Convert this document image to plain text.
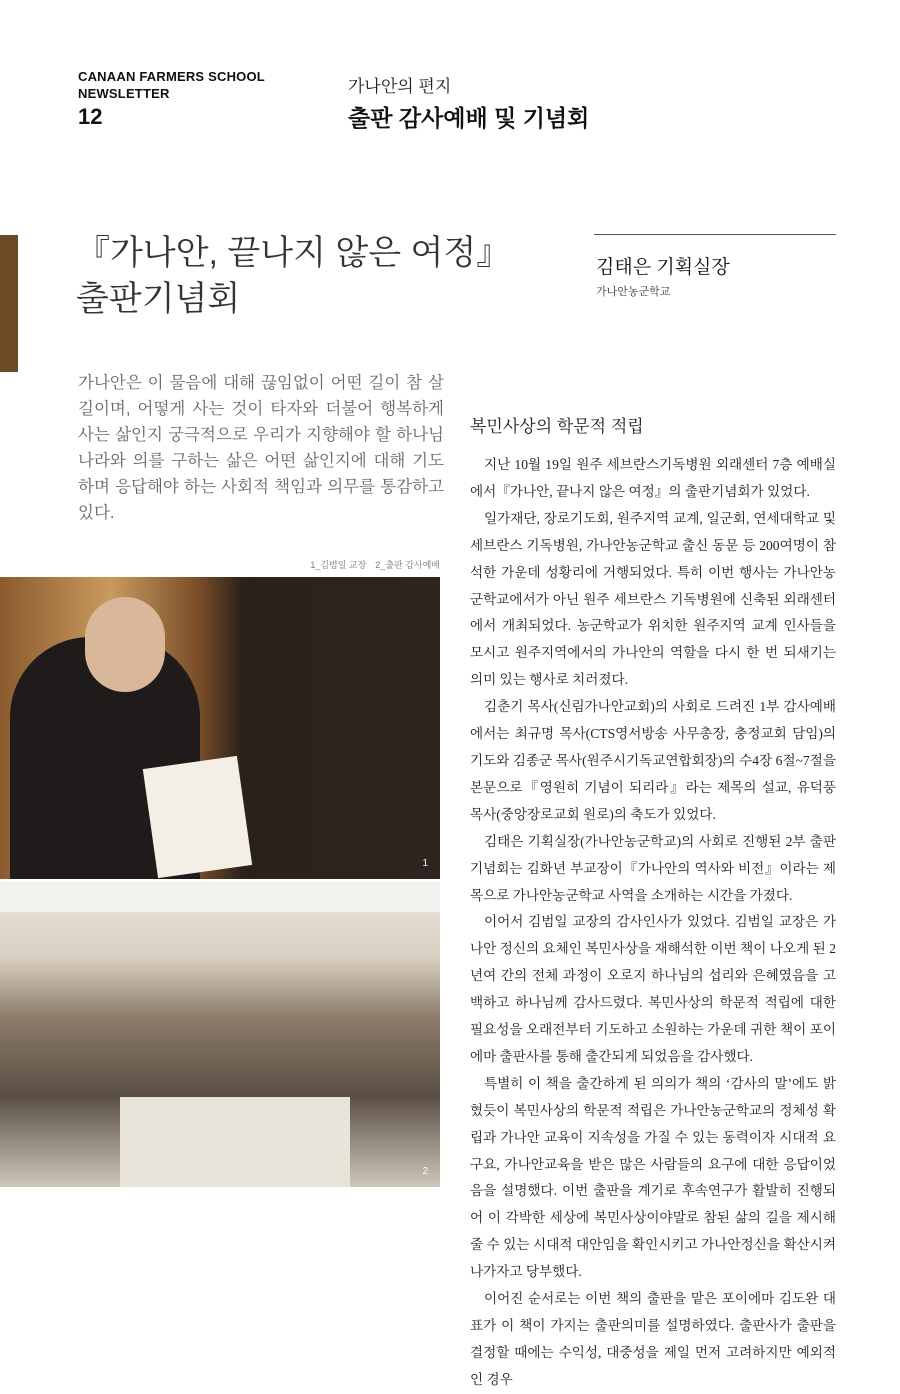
CANAAN FARMERS SCHOOL
NEWSLETTER
12
가나안의 편지
출판 감사예배 및 기념회
『가나안, 끝나지 않은 여정』
출판기념회
김태은 기획실장
가나안농군학교
가나안은 이 물음에 대해 끊임없이 어떤 길이 참 살길이며, 어떻게 사는 것이 타자와 더불어 행복하게 사는 삶인지 궁극적으로 우리가 지향해야 할 하나님 나라와 의를 구하는 삶은 어떤 삶인지에 대해 기도하며 응답해야 하는 사회적 책임과 의무를 통감하고 있다.
1_김범일 교장　2_출판 감사예배
1
2
복민사상의 학문적 적립

지난 10월 19일 원주 세브란스기독병원 외래센터 7층 예배실에서『가나안, 끝나지 않은 여정』의 출판기념회가 있었다.

일가재단, 장로기도회, 원주지역 교계, 일군회, 연세대학교 및 세브란스 기독병원, 가나안농군학교 출신 동문 등 200여명이 참석한 가운데 성황리에 거행되었다. 특히 이번 행사는 가나안농군학교에서가 아닌 원주 세브란스 기독병원에 신축된 외래센터에서 개최되었다. 농군학교가 위치한 원주지역 교계 인사들을 모시고 원주지역에서의 가나안의 역할을 다시 한 번 되새기는 의미 있는 행사로 치러졌다.

김춘기 목사(신림가나안교회)의 사회로 드려진 1부 감사예배에서는 최규명 목사(CTS영서방송 사무총장, 충정교회 담임)의 기도와 김종군 목사(원주시기독교연합회장)의 수4장 6절~7절을 본문으로『영원히 기념이 되리라』라는 제목의 설교, 유덕풍 목사(중앙장로교회 원로)의 축도가 있었다.

김태은 기획실장(가나안농군학교)의 사회로 진행된 2부 출판기념회는 김화년 부교장이『가나안의 역사와 비전』이라는 제목으로 가나안농군학교 사역을 소개하는 시간을 가졌다.

이어서 김범일 교장의 감사인사가 있었다. 김범일 교장은 가나안 정신의 요체인 복민사상을 재해석한 이번 책이 나오게 된 2년여 간의 전체 과정이 오로지 하나님의 섭리와 은혜였음을 고백하고 하나님께 감사드렸다. 복민사상의 학문적 적립에 대한 필요성을 오래전부터 기도하고 소원하는 가운데 귀한 책이 포이에마 출판사를 통해 출간되게 되었음을 감사했다.

특별히 이 책을 출간하게 된 의의가 책의 ‘감사의 말’에도 밝혔듯이 복민사상의 학문적 적립은 가나안농군학교의 정체성 확립과 가나안 교육이 지속성을 가질 수 있는 동력이자 시대적 요구요, 가나안교육을 받은 많은 사람들의 요구에 대한 응답이었음을 설명했다. 이번 출판을 계기로 후속연구가 활발히 진행되어 이 각박한 세상에 복민사상이야말로 참된 삶의 길을 제시해 줄 수 있는 시대적 대안임을 확인시키고 가나안정신을 확산시켜 나가자고 당부했다.

이어진 순서로는 이번 책의 출판을 맡은 포이에마 김도완 대표가 이 책이 가지는 출판의미를 설명하였다. 출판사가 출판을 결정할 때에는 수익성, 대중성을 제일 먼저 고려하지만 예외적인 경우
